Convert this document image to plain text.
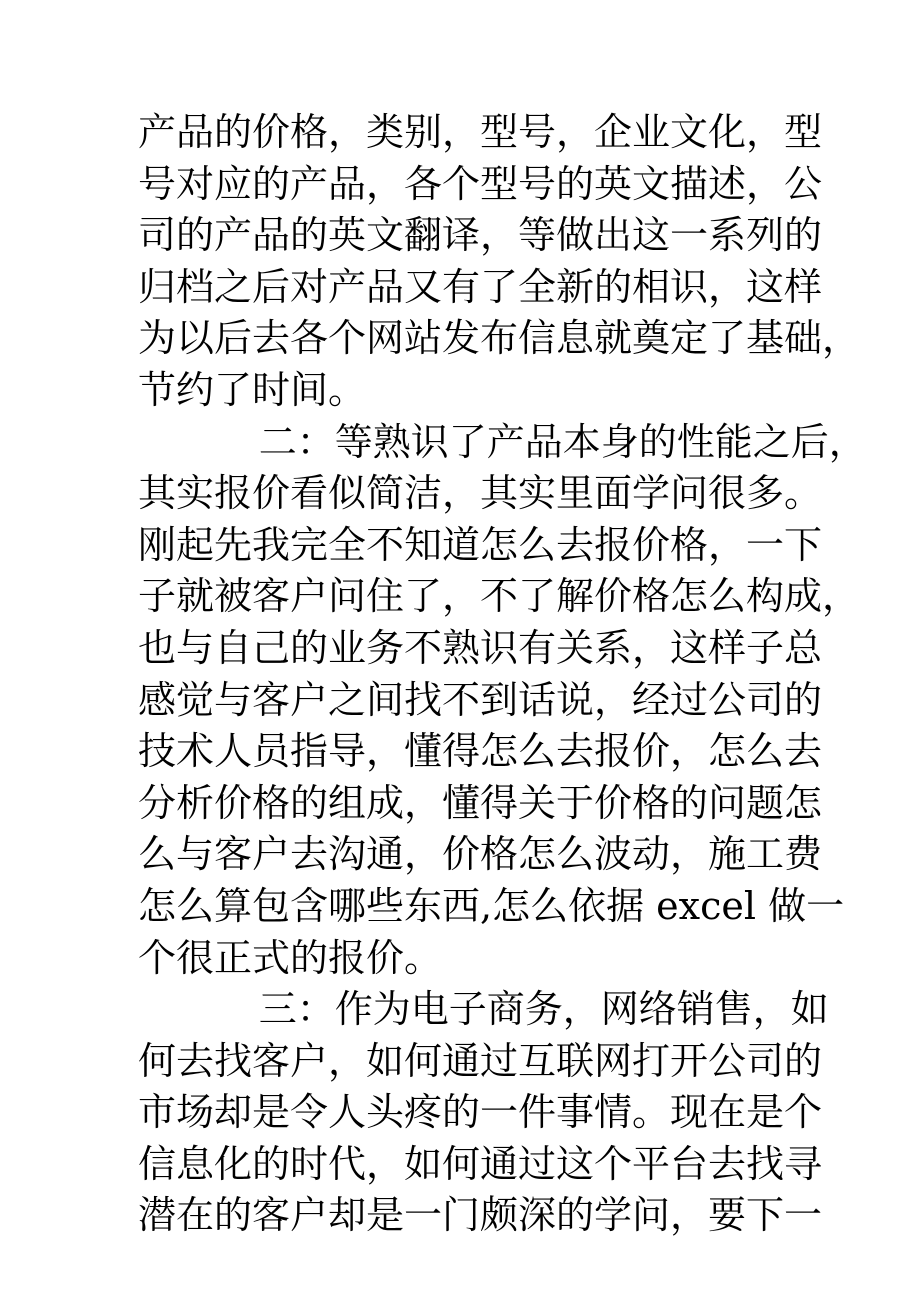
产品的价格，类别，型号，企业文化，型
号对应的产品，各个型号的英文描述，公
司的产品的英文翻译，等做出这一系列的
归档之后对产品又有了全新的相识，这样
为以后去各个网站发布信息就奠定了基础，
节约了时间。
二：等熟识了产品本身的性能之后，
其实报价看似简洁，其实里面学问很多。
刚起先我完全不知道怎么去报价格，一下
子就被客户问住了，不了解价格怎么构成，
也与自己的业务不熟识有关系，这样子总
感觉与客户之间找不到话说，经过公司的
技术人员指导，懂得怎么去报价，怎么去
分析价格的组成，懂得关于价格的问题怎
么与客户去沟通，价格怎么波动，施工费
怎么算包含哪些东西,怎么依据 excel 做一
个很正式的报价。
三：作为电子商务，网络销售，如
何去找客户，如何通过互联网打开公司的
市场却是令人头疼的一件事情。现在是个
信息化的时代，如何通过这个平台去找寻
潜在的客户却是一门颇深的学问，要下一
